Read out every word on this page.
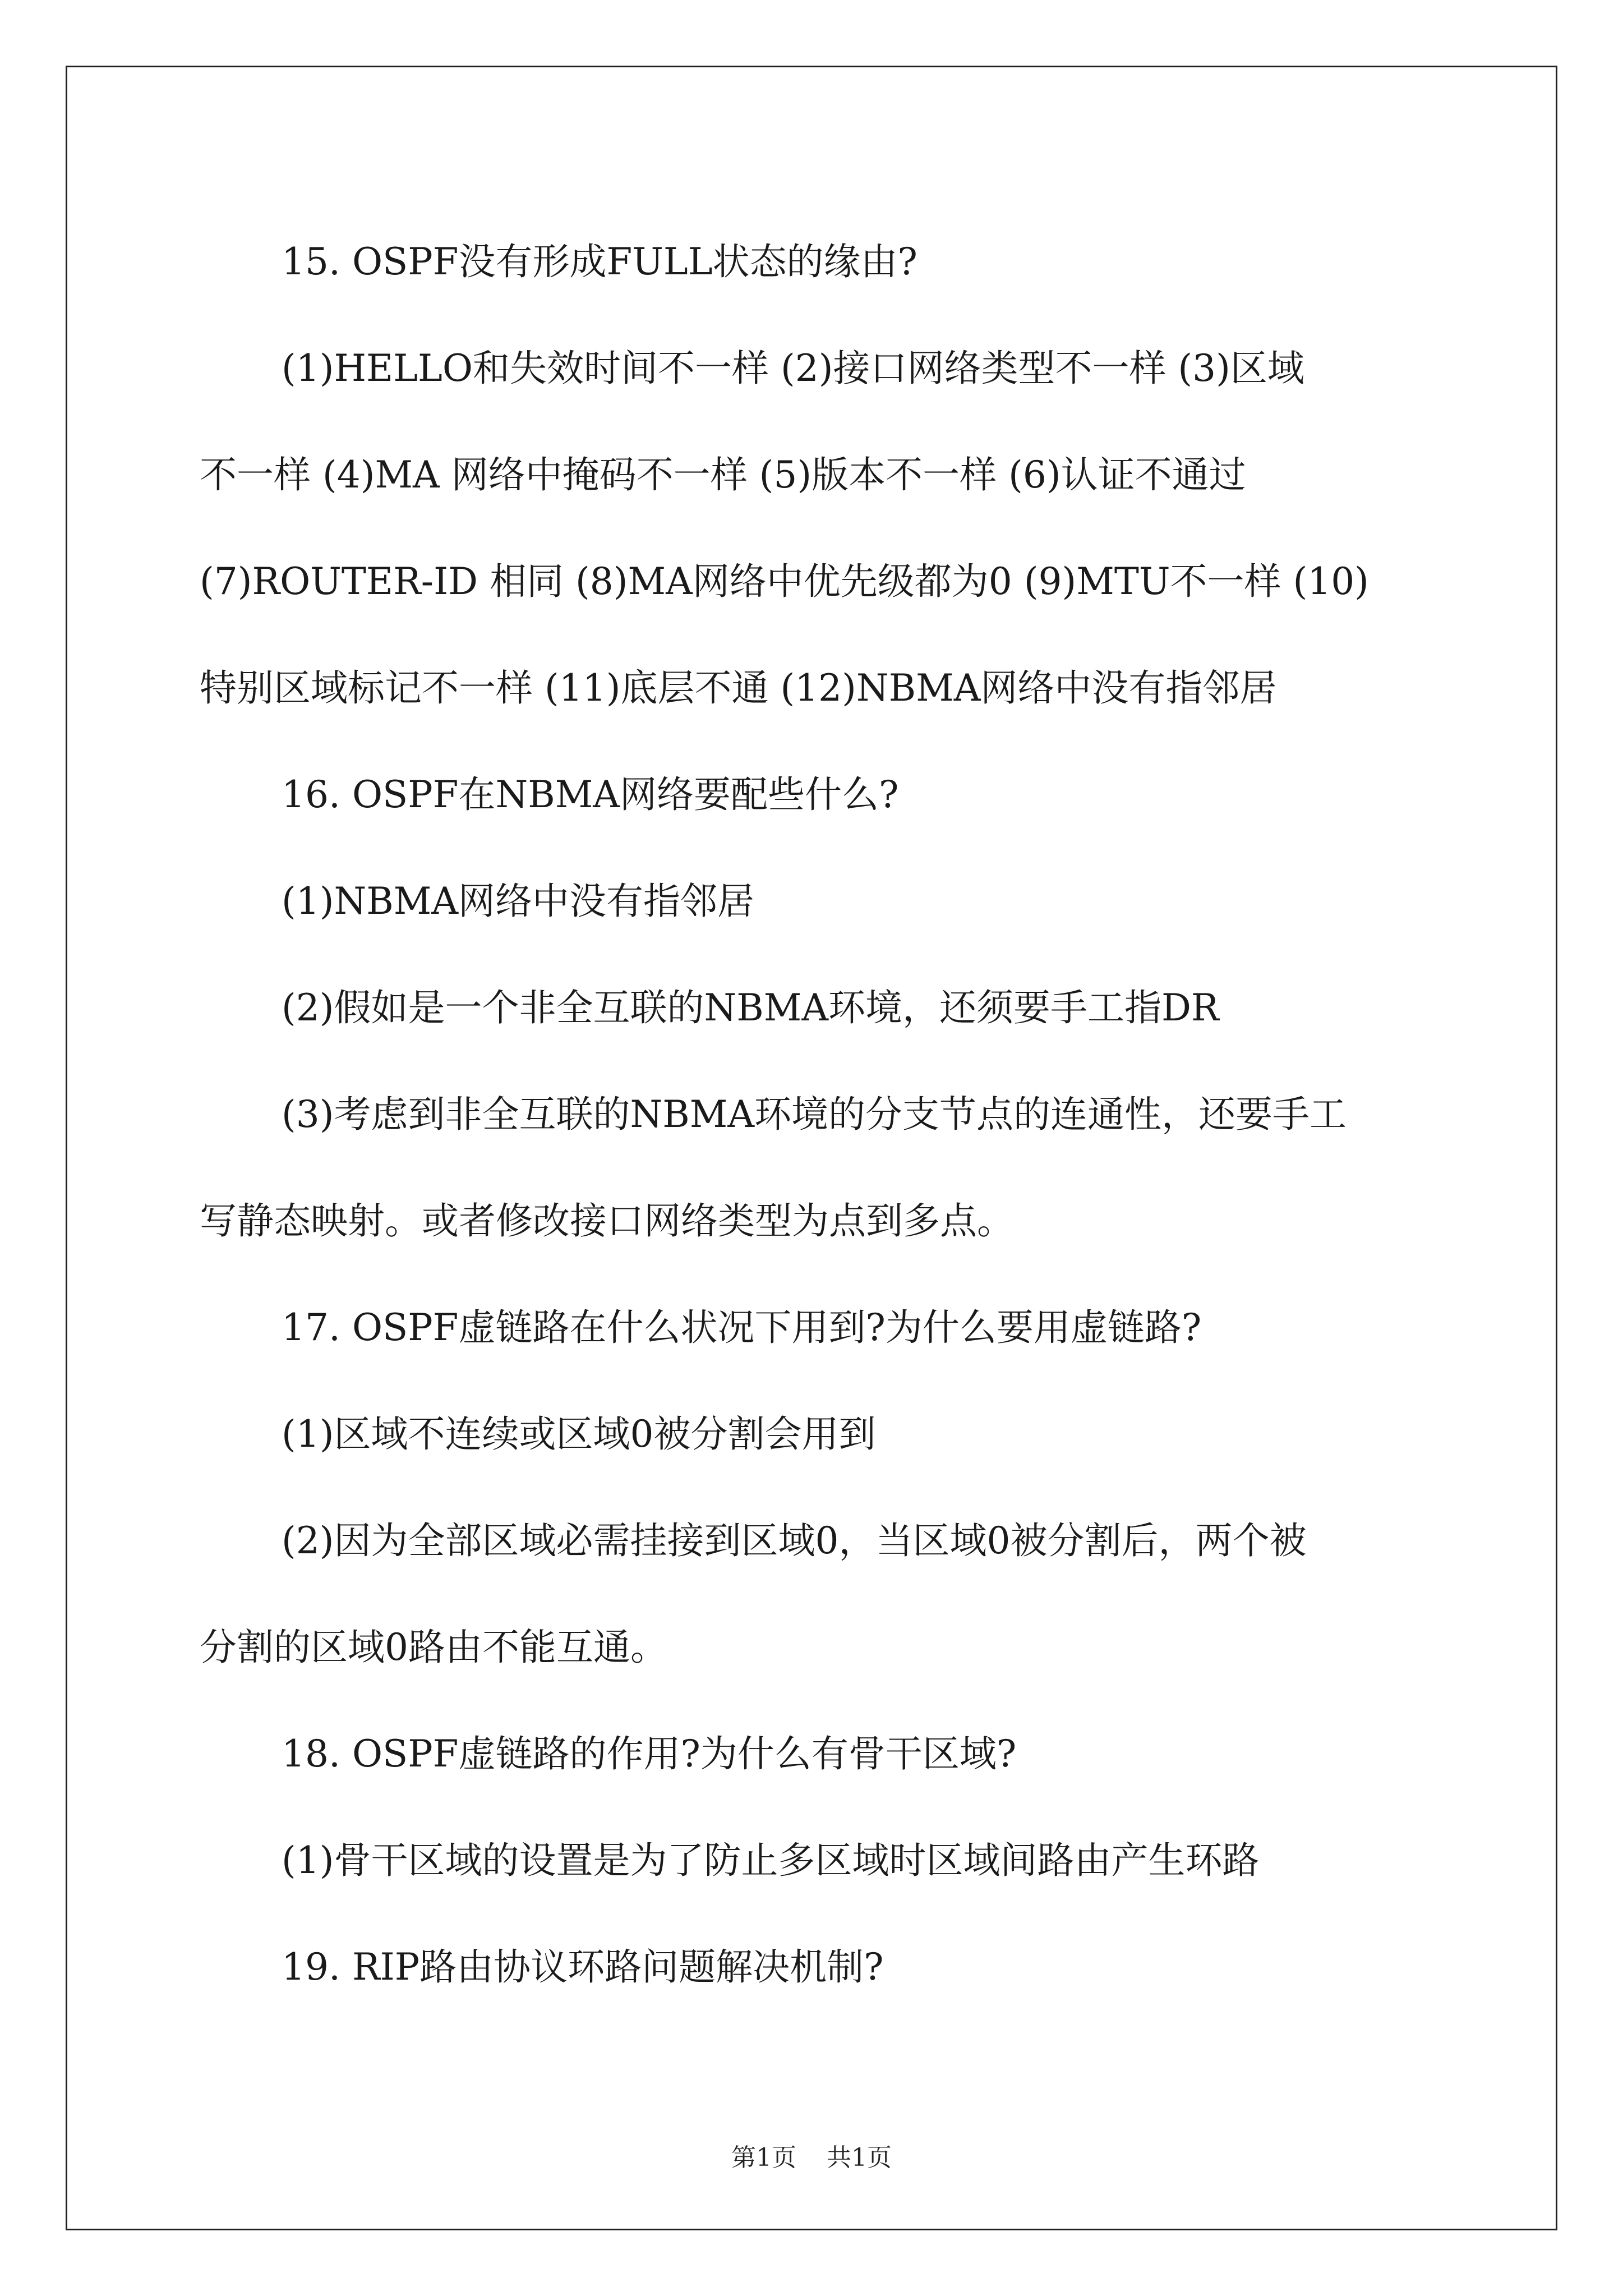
15. OSPF没有形成FULL状态的缘由?

(1)HELLO和失效时间不一样 (2)接口网络类型不一样 (3)区域
不一样 (4)MA 网络中掩码不一样 (5)版本不一样 (6)认证不通过
(7)ROUTER-ID 相同 (8)MA网络中优先级都为0 (9)MTU不一样 (10)
特别区域标记不一样 (11)底层不通 (12)NBMA网络中没有指邻居

16. OSPF在NBMA网络要配些什么?

(1)NBMA网络中没有指邻居

(2)假如是一个非全互联的NBMA环境，还须要手工指DR

(3)考虑到非全互联的NBMA环境的分支节点的连通性，还要手工
写静态映射。或者修改接口网络类型为点到多点。

17. OSPF虚链路在什么状况下用到?为什么要用虚链路?

(1)区域不连续或区域0被分割会用到

(2)因为全部区域必需挂接到区域0，当区域0被分割后，两个被
分割的区域0路由不能互通。

18. OSPF虚链路的作用?为什么有骨干区域?

(1)骨干区域的设置是为了防止多区域时区域间路由产生环路

19. RIP路由协议环路问题解决机制?

第1页 共1页
